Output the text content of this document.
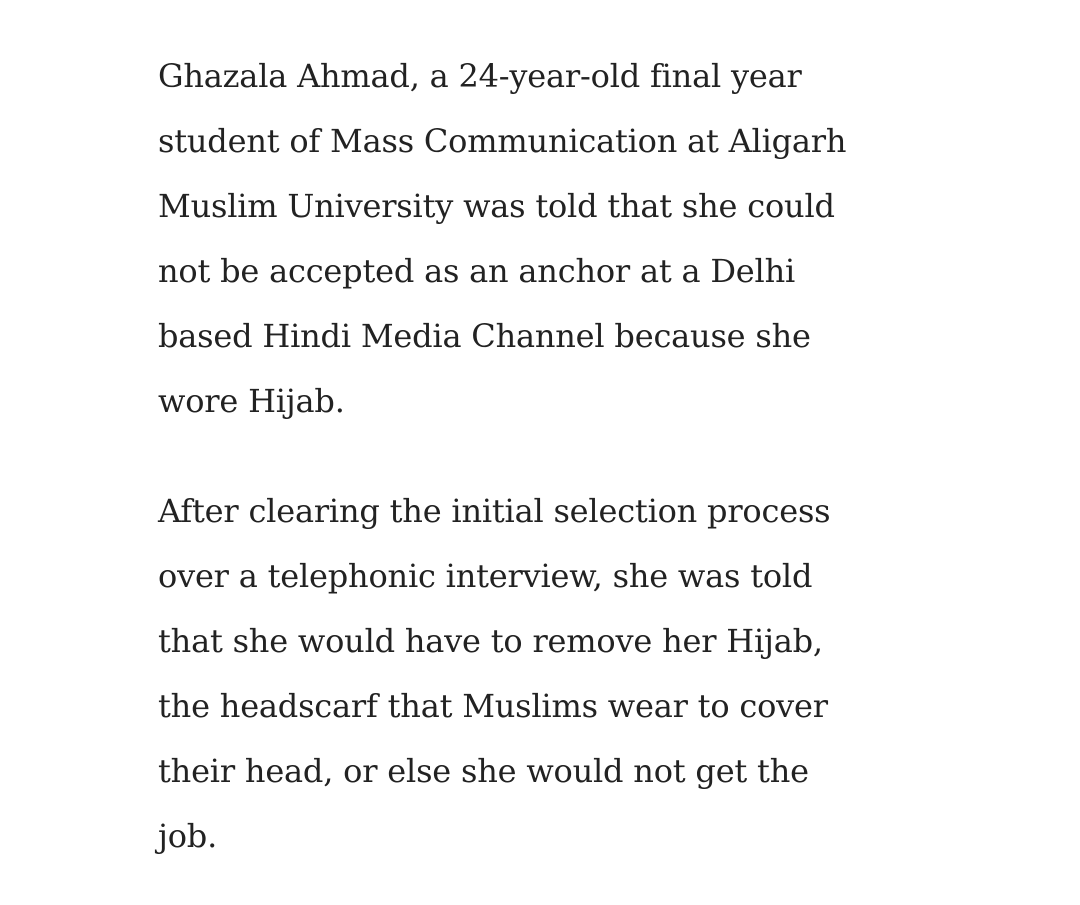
Ghazala Ahmad, a 24-year-old final year
student of Mass Communication at Aligarh
Muslim University was told that she could
not be accepted as an anchor at a Delhi
based Hindi Media Channel because she
wore Hijab.

After clearing the initial selection process
over a telephonic interview, she was told
that she would have to remove her Hijab,
the headscarf that Muslims wear to cover
their head, or else she would not get the
job.
